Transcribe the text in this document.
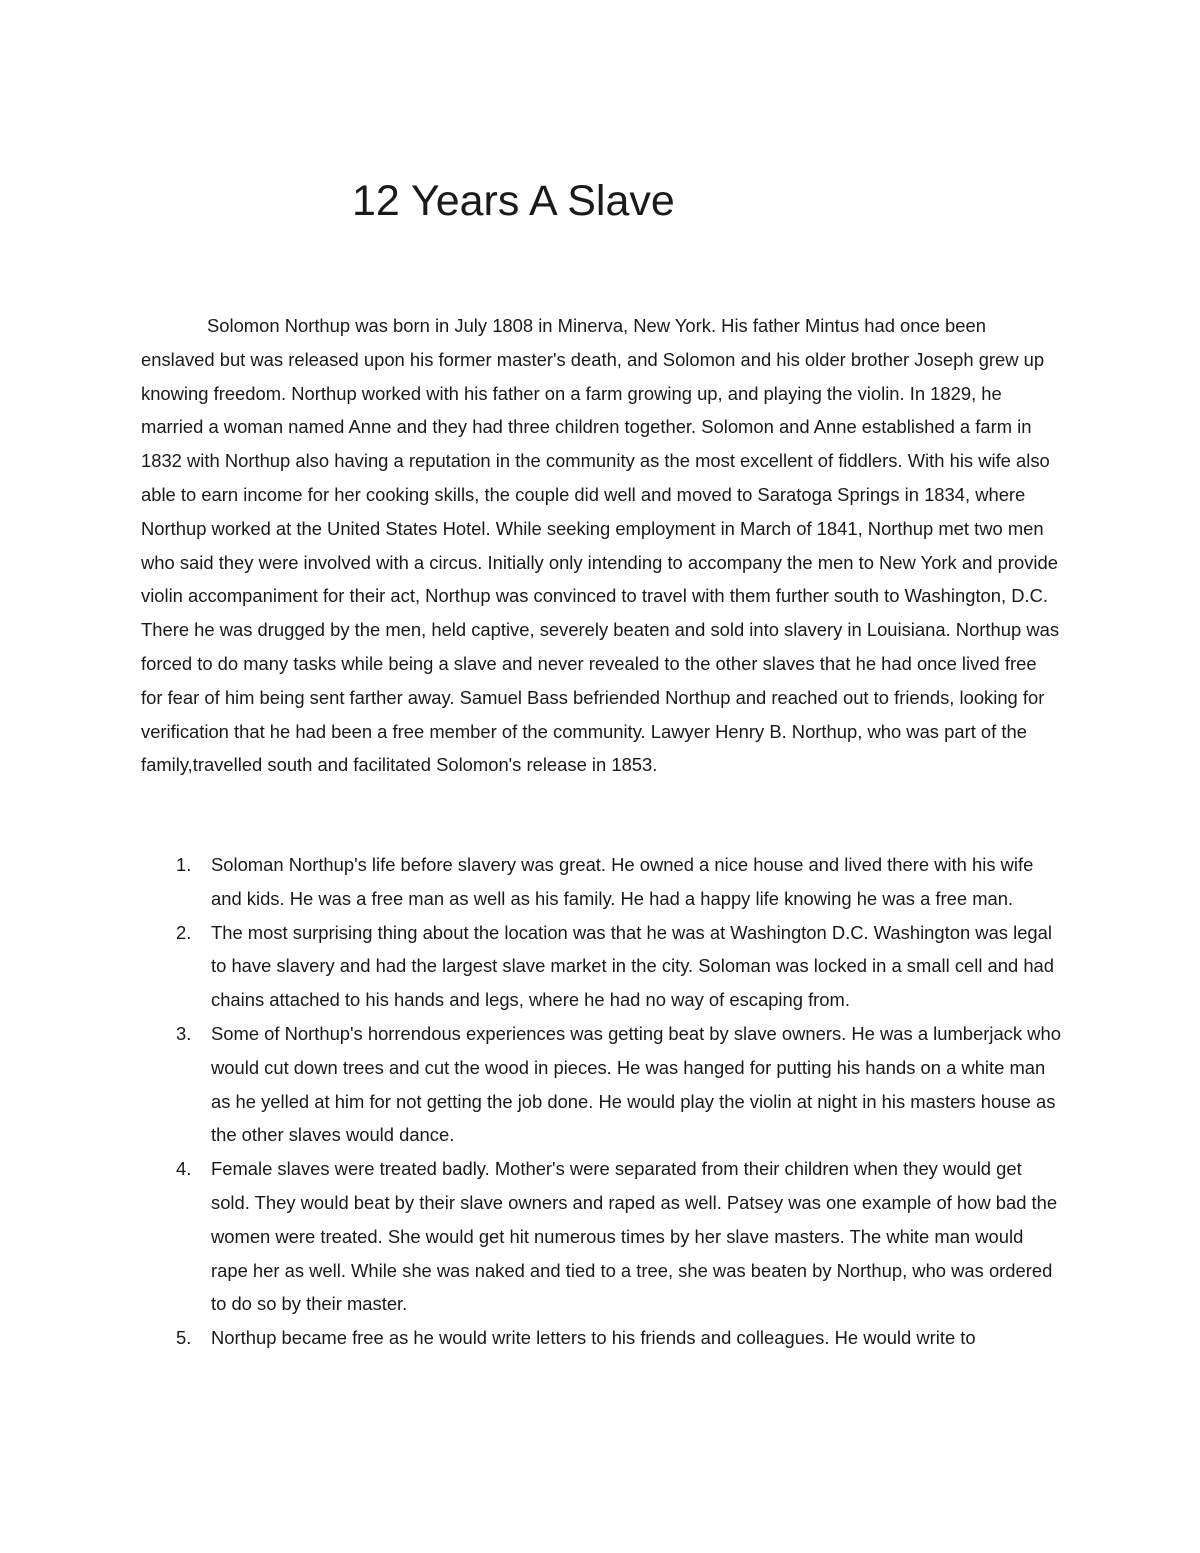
12 Years A Slave

Solomon Northup was born in July 1808 in Minerva, New York. His father Mintus had once been enslaved but was released upon his former master's death, and Solomon and his older brother Joseph grew up knowing freedom. Northup worked with his father on a farm growing up, and playing the violin. In 1829, he married a woman named Anne and they had three children together. Solomon and Anne established a farm in 1832 with Northup also having a reputation in the community as the most excellent of fiddlers. With his wife also able to earn income for her cooking skills, the couple did well and moved to Saratoga Springs in 1834, where Northup worked at the United States Hotel. While seeking employment in March of 1841, Northup met two men who said they were involved with a circus. Initially only intending to accompany the men to New York and provide violin accompaniment for their act, Northup was convinced to travel with them further south to Washington, D.C. There he was drugged by the men, held captive, severely beaten and sold into slavery in Louisiana. Northup was forced to do many tasks while being a slave and never revealed to the other slaves that he had once lived free for fear of him being sent farther away. Samuel Bass befriended Northup and reached out to friends, looking for verification that he had been a free member of the community. Lawyer Henry B. Northup, who was part of the family,travelled south and facilitated Solomon's release in 1853.

1. Soloman Northup's life before slavery was great. He owned a nice house and lived there with his wife and kids. He was a free man as well as his family. He had a happy life knowing he was a free man.
2. The most surprising thing about the location was that he was at Washington D.C. Washington was legal to have slavery and had the largest slave market in the city. Soloman was locked in a small cell and had chains attached to his hands and legs, where he had no way of escaping from.
3. Some of Northup's horrendous experiences was getting beat by slave owners. He was a lumberjack who would cut down trees and cut the wood in pieces. He was hanged for putting his hands on a white man as he yelled at him for not getting the job done. He would play the violin at night in his masters house as the other slaves would dance.
4. Female slaves were treated badly. Mother's were separated from their children when they would get sold. They would beat by their slave owners and raped as well. Patsey was one example of how bad the women were treated. She would get hit numerous times by her slave masters. The white man would rape her as well. While she was naked and tied to a tree, she was beaten by Northup, who was ordered to do so by their master.
5. Northup became free as he would write letters to his friends and colleagues. He would write to
